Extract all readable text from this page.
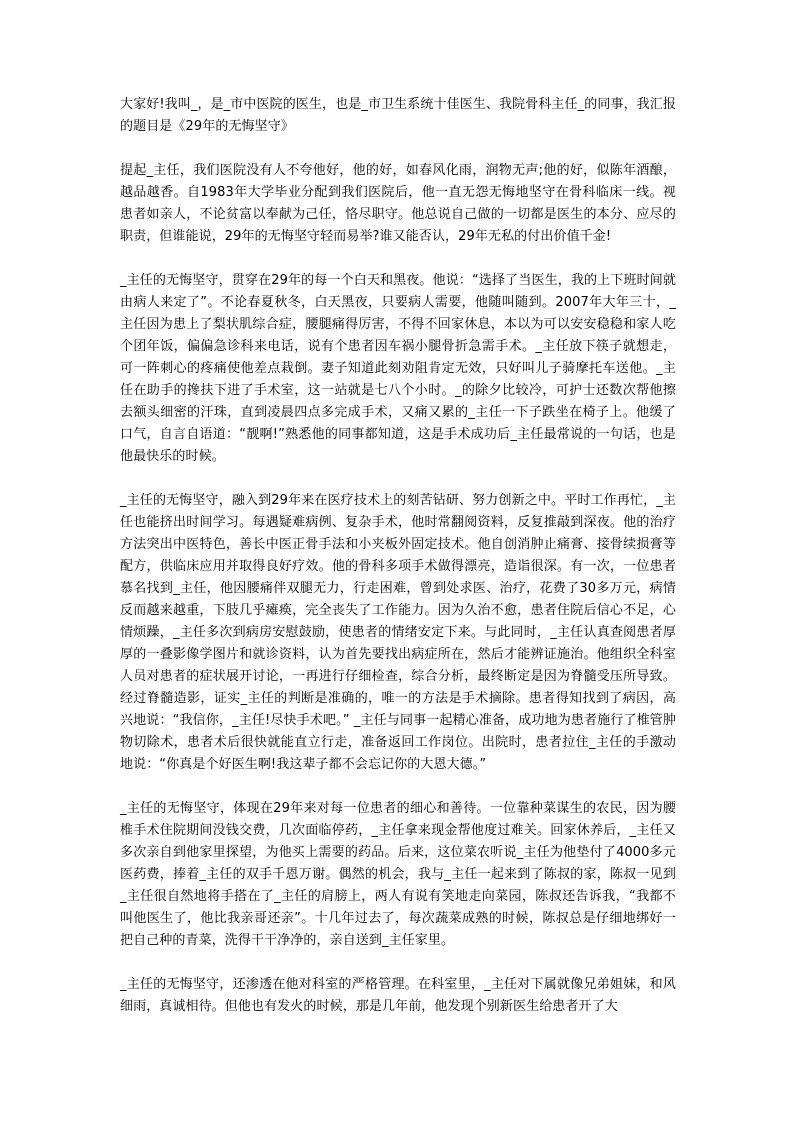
大家好!我叫_，是_市中医院的医生，也是_市卫生系统十佳医生、我院骨科主任_的同事，我汇报的题目是《29年的无悔坚守》

提起_主任，我们医院没有人不夸他好，他的好，如春风化雨，润物无声;他的好，似陈年酒酿，越品越香。自1983年大学毕业分配到我们医院后，他一直无怨无悔地坚守在骨科临床一线。视患者如亲人，不论贫富以奉献为己任，恪尽职守。他总说自己做的一切都是医生的本分、应尽的职责，但谁能说，29年的无悔坚守轻而易举?谁又能否认，29年无私的付出价值千金!

_主任的无悔坚守，贯穿在29年的每一个白天和黑夜。他说：“选择了当医生，我的上下班时间就由病人来定了”。不论春夏秋冬，白天黑夜，只要病人需要，他随叫随到。2007年大年三十，_主任因为患上了梨状肌综合症，腰腿痛得厉害，不得不回家休息，本以为可以安安稳稳和家人吃个团年饭，偏偏急诊科来电话，说有个患者因车祸小腿骨折急需手术。_主任放下筷子就想走，可一阵刺心的疼痛使他差点栽倒。妻子知道此刻劝阻肯定无效，只好叫儿子骑摩托车送他。_主任在助手的搀扶下进了手术室，这一站就是七八个小时。_的除夕比较冷，可护士还数次帮他擦去额头细密的汗珠，直到凌晨四点多完成手术，又痛又累的_主任一下子跌坐在椅子上。他缓了口气，自言自语道：“靓啊!”熟悉他的同事都知道，这是手术成功后_主任最常说的一句话，也是他最快乐的时候。

_主任的无悔坚守，融入到29年来在医疗技术上的刻苦钻研、努力创新之中。平时工作再忙，_主任也能挤出时间学习。每遇疑难病例、复杂手术，他时常翻阅资料，反复推敲到深夜。他的治疗方法突出中医特色，善长中医正骨手法和小夹板外固定技术。他自创消肿止痛膏、接骨续损膏等配方，供临床应用并取得良好疗效。他的骨科多项手术做得漂亮，造诣很深。有一次，一位患者慕名找到_主任，他因腰痛伴双腿无力，行走困难，曾到处求医、治疗，花费了30多万元，病情反而越来越重，下肢几乎瘫痪，完全丧失了工作能力。因为久治不愈，患者住院后信心不足，心情烦躁，_主任多次到病房安慰鼓励，使患者的情绪安定下来。与此同时，_主任认真查阅患者厚厚的一叠影像学图片和就诊资料，认为首先要找出病症所在，然后才能辨证施治。他组织全科室人员对患者的症状展开讨论，一再进行仔细检查，综合分析，最终断定是因为脊髓受压所导致。经过脊髓造影，证实_主任的判断是准确的，唯一的方法是手术摘除。患者得知找到了病因，高兴地说：“我信你，_主任!尽快手术吧。” _主任与同事一起精心准备，成功地为患者施行了椎管肿物切除术，患者术后很快就能直立行走，准备返回工作岗位。出院时，患者拉住_主任的手激动地说：“你真是个好医生啊!我这辈子都不会忘记你的大恩大德。”

_主任的无悔坚守，体现在29年来对每一位患者的细心和善待。一位靠种菜谋生的农民，因为腰椎手术住院期间没钱交费，几次面临停药，_主任拿来现金帮他度过难关。回家休养后，_主任又多次亲自到他家里探望，为他买上需要的药品。后来，这位菜农听说_主任为他垫付了4000多元医药费，捧着_主任的双手千恩万谢。偶然的机会，我与_主任一起来到了陈叔的家，陈叔一见到_主任很自然地将手搭在了_主任的肩膀上，两人有说有笑地走向菜园，陈叔还告诉我，“我都不叫他医生了，他比我亲哥还亲”。十几年过去了，每次蔬菜成熟的时候，陈叔总是仔细地绑好一把自己种的青菜，洗得干干净净的，亲自送到_主任家里。

_主任的无悔坚守，还渗透在他对科室的严格管理。在科室里，_主任对下属就像兄弟姐妹，和风细雨，真诚相待。但他也有发火的时候，那是几年前，他发现个别新医生给患者开了大
